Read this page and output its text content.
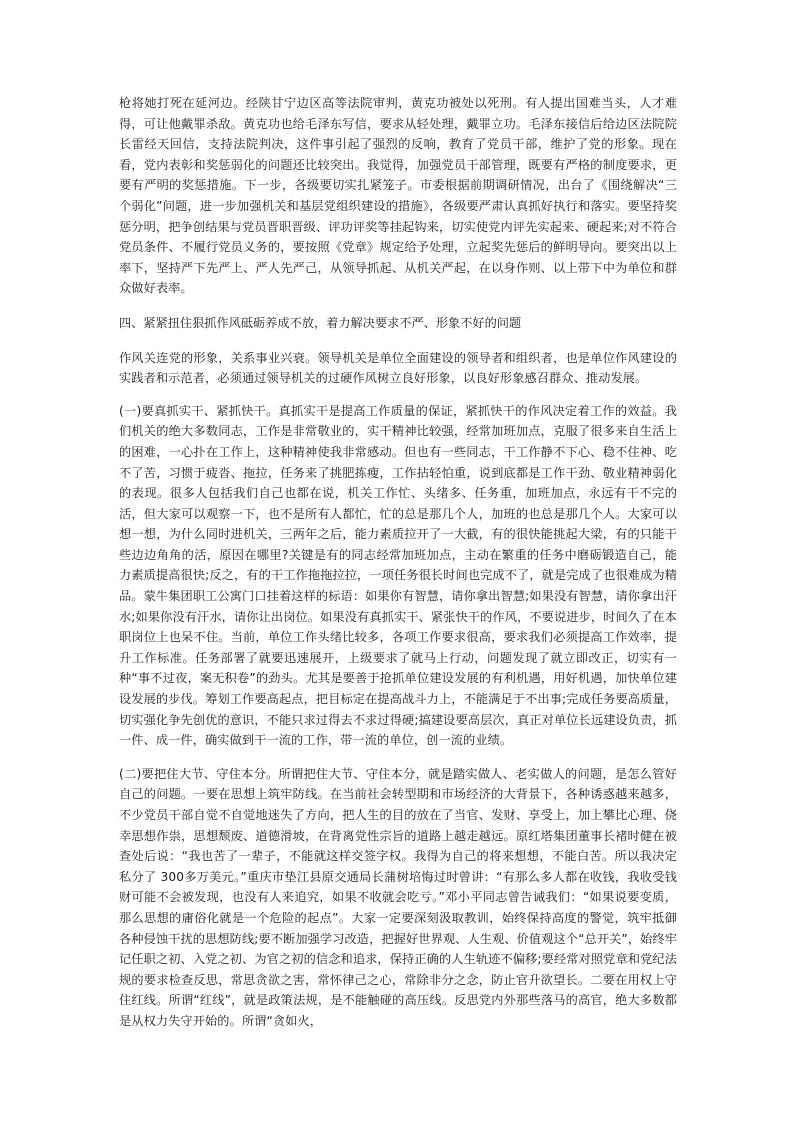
枪将她打死在延河边。经陕甘宁边区高等法院审判，黄克功被处以死刑。有人提出国难当头，人才难得，可让他戴罪杀敌。黄克功也给毛泽东写信，要求从轻处理，戴罪立功。毛泽东接信后给边区法院院长雷经天回信，支持法院判决，这件事引起了强烈的反响，教育了党员干部，维护了党的形象。现在看，党内表彰和奖惩弱化的问题还比较突出。我觉得，加强党员干部管理，既要有严格的制度要求，更要有严明的奖惩措施。下一步，各级要切实扎紧笼子。市委根据前期调研情况，出台了《围绕解决“三个弱化”问题，进一步加强机关和基层党组织建设的措施》，各级要严肃认真抓好执行和落实。要坚持奖惩分明，把争创结果与党员晋职晋级、评功评奖等挂起钩来，切实使党内评先实起来、硬起来;对不符合党员条件、不履行党员义务的，要按照《党章》规定给予处理，立起奖先惩后的鲜明导向。要突出以上率下，坚持严下先严上、严人先严己，从领导抓起、从机关严起，在以身作则、以上带下中为单位和群众做好表率。

四、紧紧扭住狠抓作风砥砺养成不放，着力解决要求不严、形象不好的问题

作风关连党的形象，关系事业兴衰。领导机关是单位全面建设的领导者和组织者，也是单位作风建设的实践者和示范者，必须通过领导机关的过硬作风树立良好形象，以良好形象感召群众、推动发展。

(一)要真抓实干、紧抓快干。真抓实干是提高工作质量的保证，紧抓快干的作风决定着工作的效益。我们机关的绝大多数同志，工作是非常敬业的，实干精神比较强，经常加班加点，克服了很多来自生活上的困难，一心扑在工作上，这种精神使我非常感动。但也有一些同志，干工作静不下心、稳不住神、吃不了苦，习惯于疲沓、拖拉，任务来了挑肥拣瘦，工作拈轻怕重，说到底都是工作干劲、敬业精神弱化的表现。很多人包括我们自己也都在说，机关工作忙、头绪多、任务重，加班加点，永远有干不完的活，但大家可以观察一下，也不是所有人都忙，忙的总是那几个人，加班的也总是那几个人。大家可以想一想，为什么同时进机关，三两年之后，能力素质拉开了一大截，有的很快能挑起大梁，有的只能干些边边角角的活，原因在哪里?关键是有的同志经常加班加点，主动在繁重的任务中磨砺锻造自己，能力素质提高很快;反之，有的干工作拖拖拉拉，一项任务很长时间也完成不了，就是完成了也很难成为精品。蒙牛集团职工公寓门口挂着这样的标语：如果你有智慧，请你拿出智慧;如果没有智慧，请你拿出汗水;如果你没有汗水，请你让出岗位。如果没有真抓实干、紧张快干的作风，不要说进步，时间久了在本职岗位上也呆不住。当前，单位工作头绪比较多，各项工作要求很高，要求我们必须提高工作效率，提升工作标准。任务部署了就要迅速展开，上级要求了就马上行动，问题发现了就立即改正，切实有一种“事不过夜，案无积卷”的劲头。尤其是要善于抢抓单位建设发展的有利机遇，用好机遇，加快单位建设发展的步伐。筹划工作要高起点，把目标定在提高战斗力上，不能满足于不出事;完成任务要高质量，切实强化争先创优的意识，不能只求过得去不求过得硬;搞建设要高层次，真正对单位长远建设负责，抓一件、成一件，确实做到干一流的工作，带一流的单位，创一流的业绩。

(二)要把住大节、守住本分。所谓把住大节、守住本分，就是踏实做人、老实做人的问题，是怎么管好自己的问题。一要在思想上筑牢防线。在当前社会转型期和市场经济的大背景下，各种诱惑越来越多，不少党员干部自觉不自觉地迷失了方向，把人生的目的放在了当官、发财、享受上，加上攀比心理、侥幸思想作祟，思想颓废、道德滑坡，在背离党性宗旨的道路上越走越远。原红塔集团董事长褚时健在被查处后说：“我也苦了一辈子，不能就这样交签字权。我得为自己的将来想想，不能白苦。所以我决定私分了 300多万美元。”重庆市垫江县原交通局长蒲树培悔过时曾讲：“有那么多人都在收钱，我收受钱财可能不会被发现，也没有人来追究，如果不收就会吃亏。”邓小平同志曾告诫我们：“如果说要变质，那么思想的庸俗化就是一个危险的起点”。大家一定要深刻汲取教训，始终保持高度的警觉，筑牢抵御各种侵蚀干扰的思想防线;要不断加强学习改造，把握好世界观、人生观、价值观这个“总开关”，始终牢记任职之初、入党之初、为官之初的信念和追求，保持正确的人生轨迹不偏移;要经常对照党章和党纪法规的要求检查反思，常思贪欲之害，常怀律己之心，常除非分之念，防止官升欲望长。二要在用权上守住红线。所谓“红线”，就是政策法规，是不能触碰的高压线。反思党内外那些落马的高官，绝大多数都是从权力失守开始的。所谓“贪如火，
